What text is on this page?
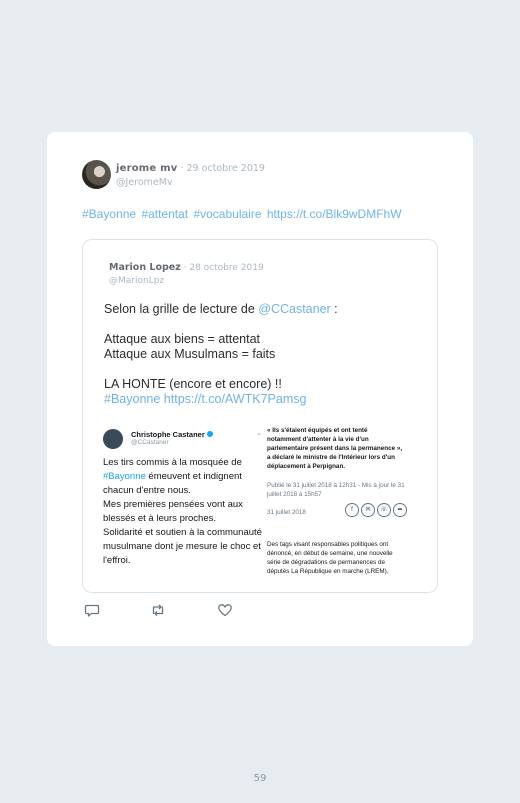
jerome mv · 29 octobre 2019
@JeromeMv
#Bayonne #attentat #vocabulaire https://t.co/Blk9wDMFhW
Marion Lopez · 28 octobre 2019
@MarionLpz
Selon la grille de lecture de @CCastaner :
Attaque aux biens = attentat
Attaque aux Musulmans = faits
LA HONTE (encore et encore) !!
#Bayonne https://t.co/AWTK7Pamsg
Christophe Castaner
@CCastaner
⌄
Les tirs commis à la mosquée de
#Bayonne émeuvent et indignent
chacun d'entre nous.
Mes premières pensées vont aux
blessés et à leurs proches.
Solidarité et soutien à la communauté
musulmane dont je mesure le choc et
l'effroi.
« Ils s'étaient équipés et ont tenté
notamment d'attenter à la vie d'un
parlementaire présent dans la permanence »,
a déclaré le ministre de l'Intérieur lors d'un
déplacement à Perpignan.
Publié le 31 juillet 2018 à 12h31 - Mis à jour le 31
juillet 2018 à 15h57
31 juillet 2018	f ✉ ☏ ➦
Des tags visant responsables politiques ont
dénoncé, en début de semaine, une nouvelle
série de dégradations de permanences de
députés La République en marche (LREM),
59
